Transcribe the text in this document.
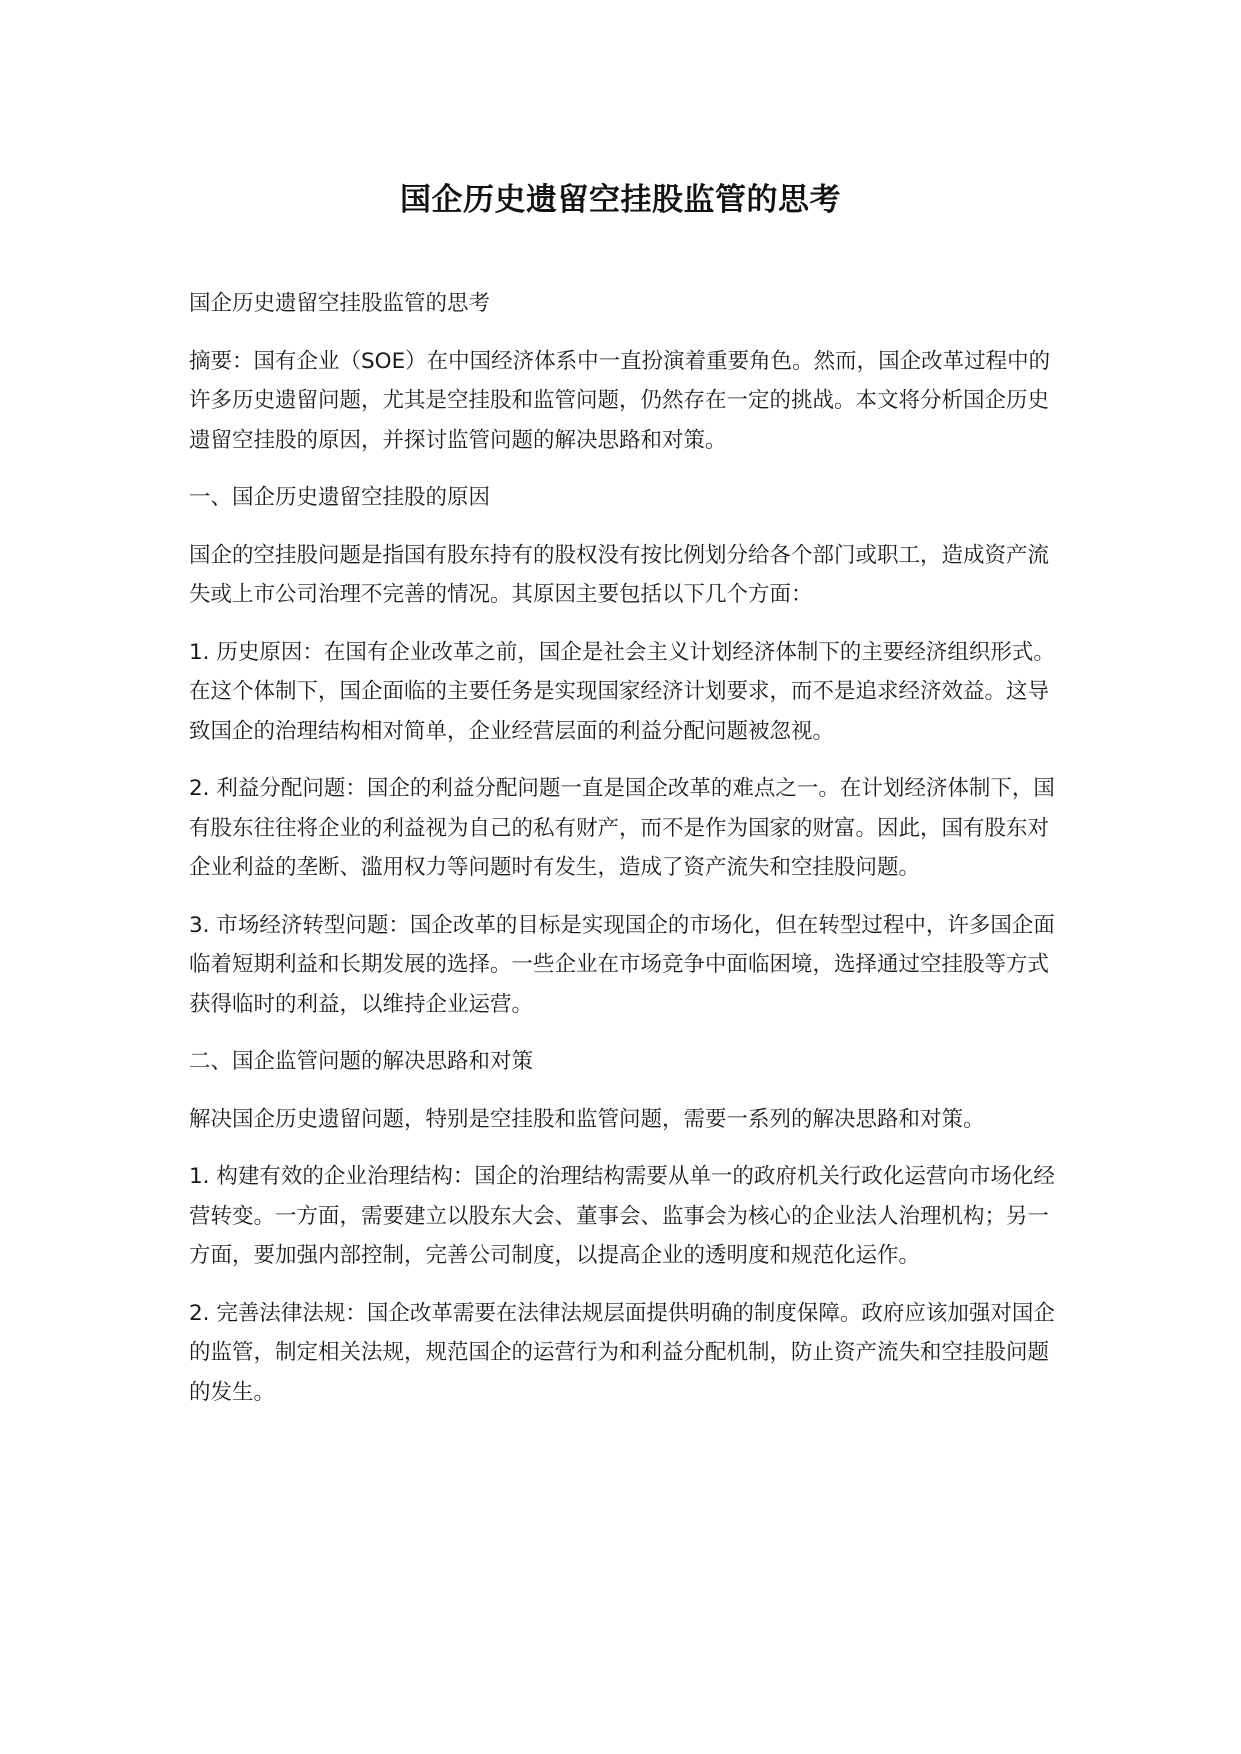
国企历史遗留空挂股监管的思考

国企历史遗留空挂股监管的思考

摘要：国有企业（SOE）在中国经济体系中一直扮演着重要角色。然而，国企改革过程中的许多历史遗留问题，尤其是空挂股和监管问题，仍然存在一定的挑战。本文将分析国企历史遗留空挂股的原因，并探讨监管问题的解决思路和对策。

一、国企历史遗留空挂股的原因

国企的空挂股问题是指国有股东持有的股权没有按比例划分给各个部门或职工，造成资产流失或上市公司治理不完善的情况。其原因主要包括以下几个方面：

1. 历史原因：在国有企业改革之前，国企是社会主义计划经济体制下的主要经济组织形式。在这个体制下，国企面临的主要任务是实现国家经济计划要求，而不是追求经济效益。这导致国企的治理结构相对简单，企业经营层面的利益分配问题被忽视。

2. 利益分配问题：国企的利益分配问题一直是国企改革的难点之一。在计划经济体制下，国有股东往往将企业的利益视为自己的私有财产，而不是作为国家的财富。因此，国有股东对企业利益的垄断、滥用权力等问题时有发生，造成了资产流失和空挂股问题。

3. 市场经济转型问题：国企改革的目标是实现国企的市场化，但在转型过程中，许多国企面临着短期利益和长期发展的选择。一些企业在市场竞争中面临困境，选择通过空挂股等方式获得临时的利益，以维持企业运营。

二、国企监管问题的解决思路和对策

解决国企历史遗留问题，特别是空挂股和监管问题，需要一系列的解决思路和对策。

1. 构建有效的企业治理结构：国企的治理结构需要从单一的政府机关行政化运营向市场化经营转变。一方面，需要建立以股东大会、董事会、监事会为核心的企业法人治理机构；另一方面，要加强内部控制，完善公司制度，以提高企业的透明度和规范化运作。

2. 完善法律法规：国企改革需要在法律法规层面提供明确的制度保障。政府应该加强对国企的监管，制定相关法规，规范国企的运营行为和利益分配机制，防止资产流失和空挂股问题的发生。
